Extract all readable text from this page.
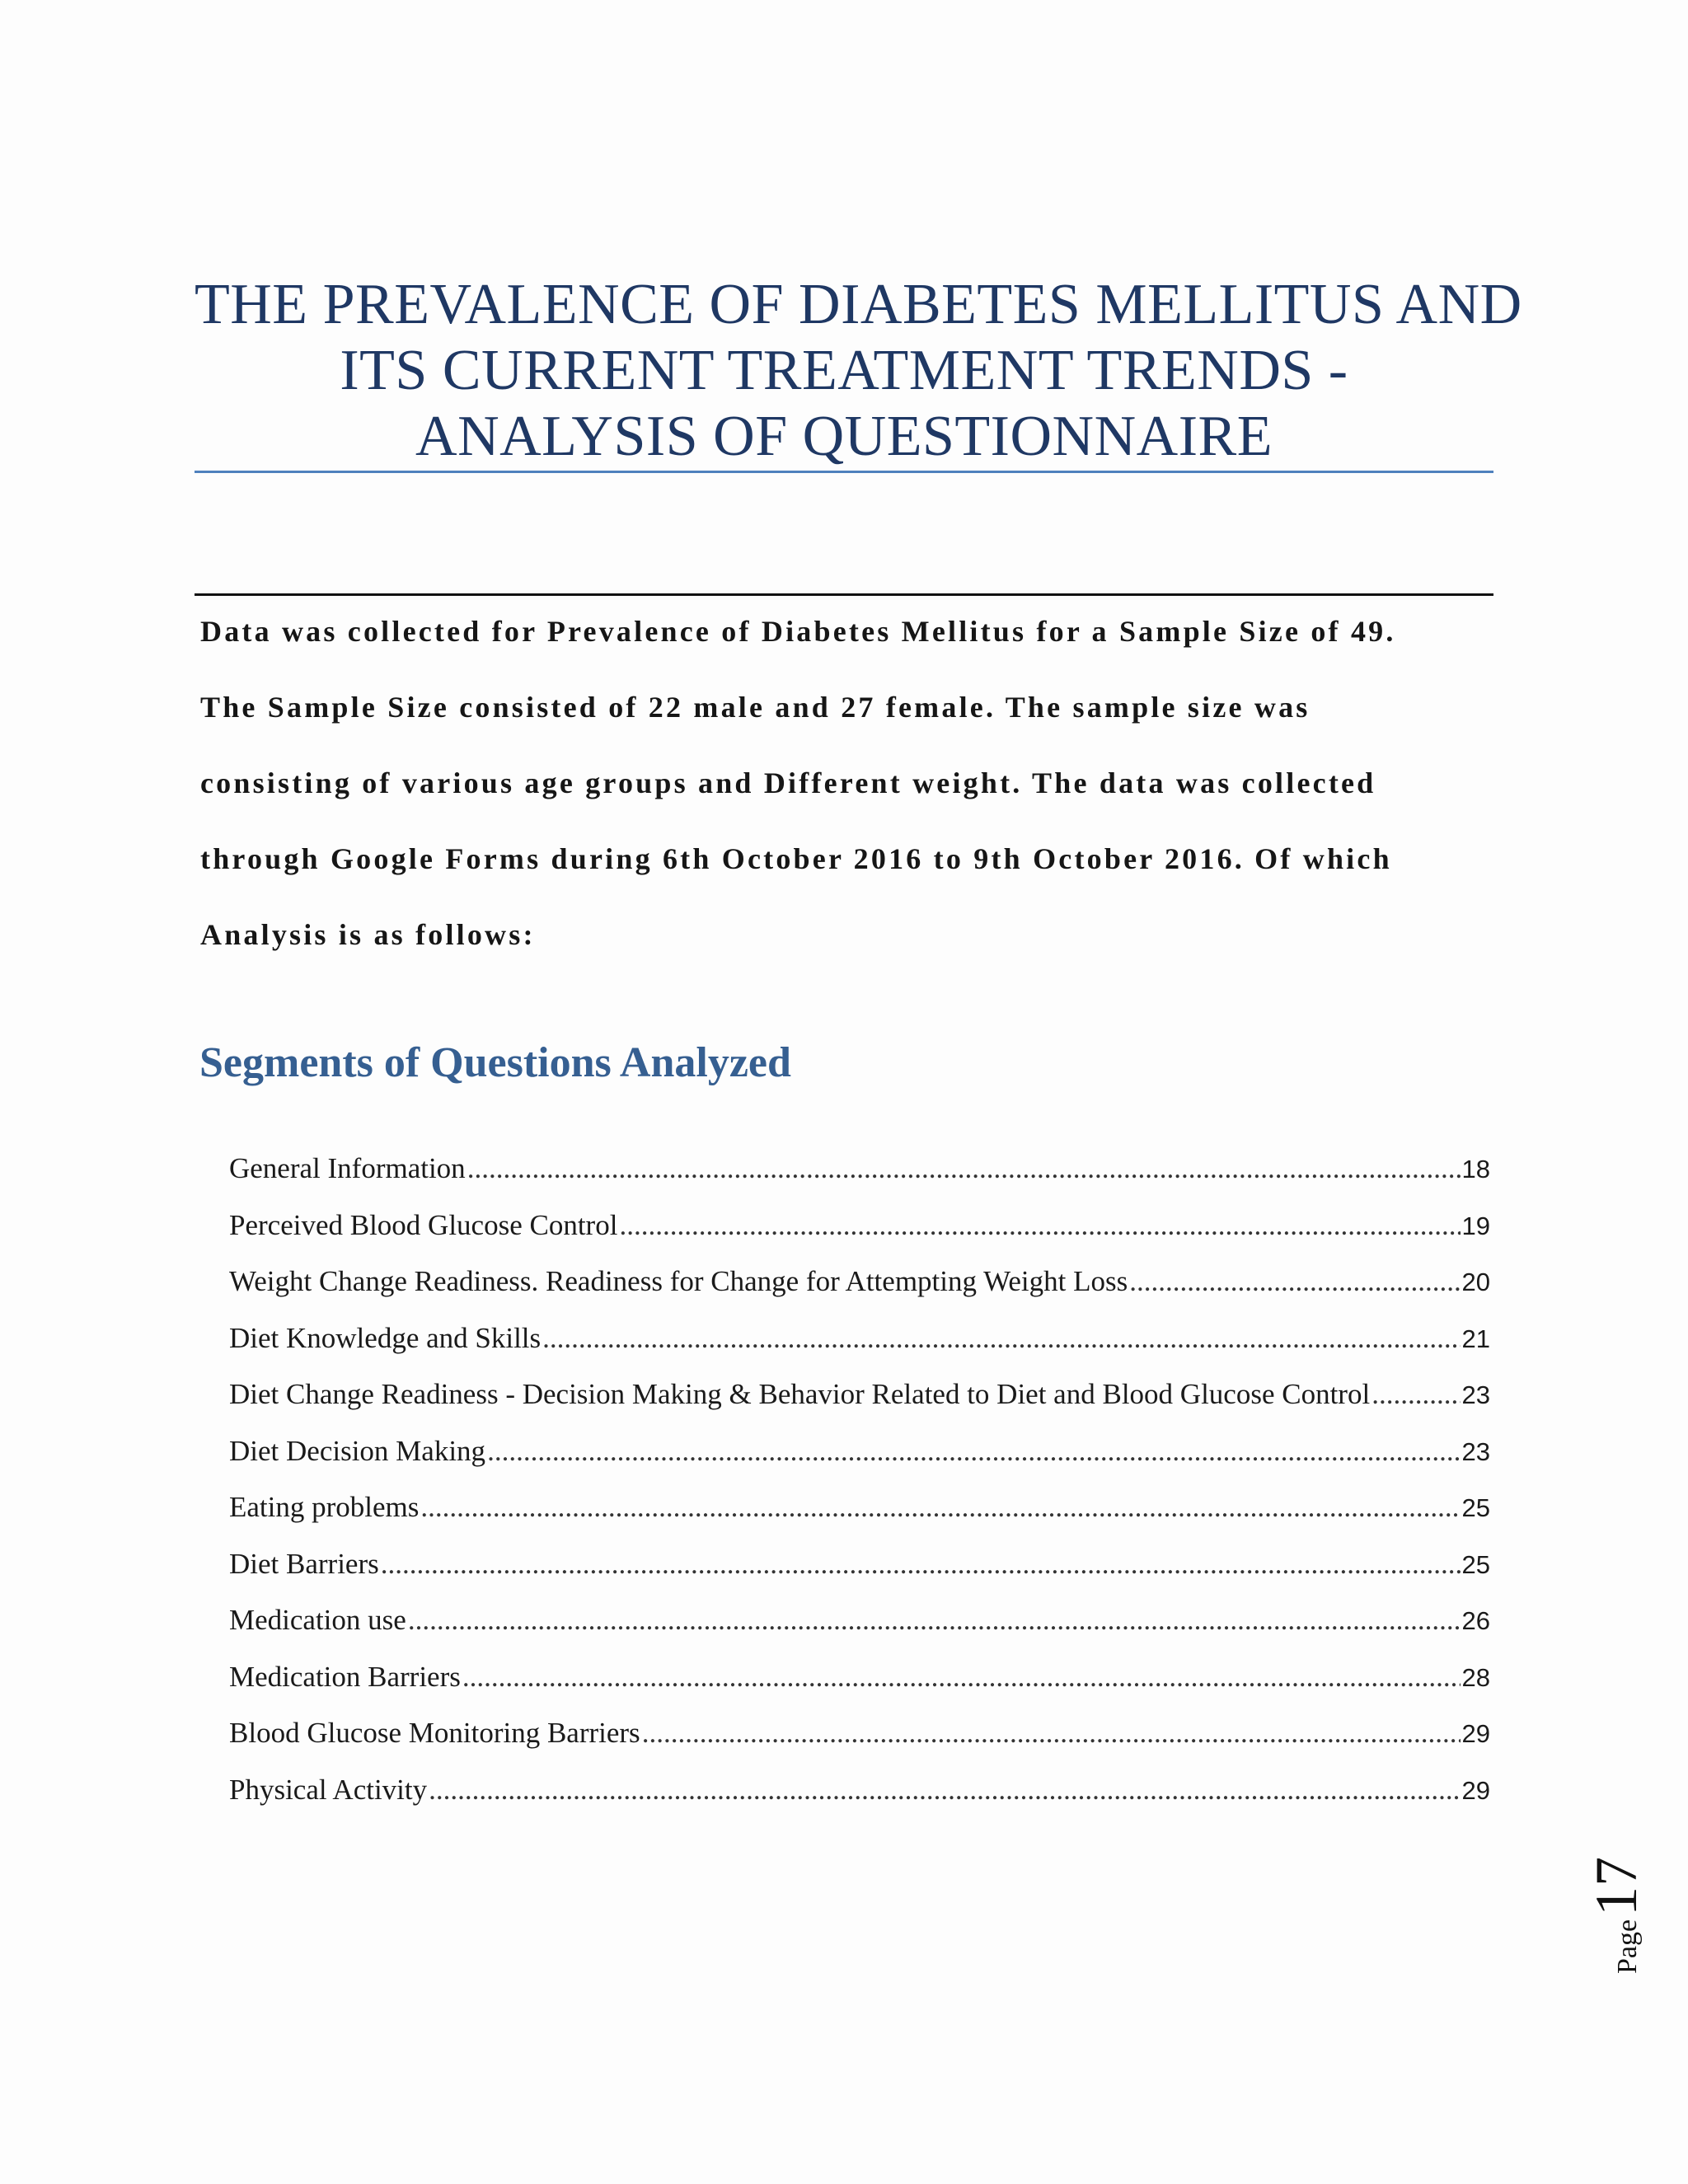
THE PREVALENCE OF DIABETES MELLITUS AND
ITS CURRENT TREATMENT TRENDS -
ANALYSIS OF QUESTIONNAIRE
Data was collected for Prevalence of Diabetes Mellitus for a Sample Size of 49.
The Sample Size consisted of 22 male and 27 female. The sample size was
consisting of various age groups and Different weight. The data was collected
through Google Forms during 6th October 2016 to 9th October 2016. Of which
Analysis is as follows:
Segments of Questions Analyzed
General Information .....	18
Perceived Blood Glucose Control .....	19
Weight Change Readiness. Readiness for Change for Attempting Weight Loss .....	20
Diet Knowledge and Skills .....	21
Diet Change Readiness - Decision Making & Behavior Related to Diet and Blood Glucose Control .....	23
Diet Decision Making .....	23
Eating problems .....	25
Diet Barriers .....	25
Medication use .....	26
Medication Barriers .....	28
Blood Glucose Monitoring Barriers .....	29
Physical Activity .....	29
Page17
